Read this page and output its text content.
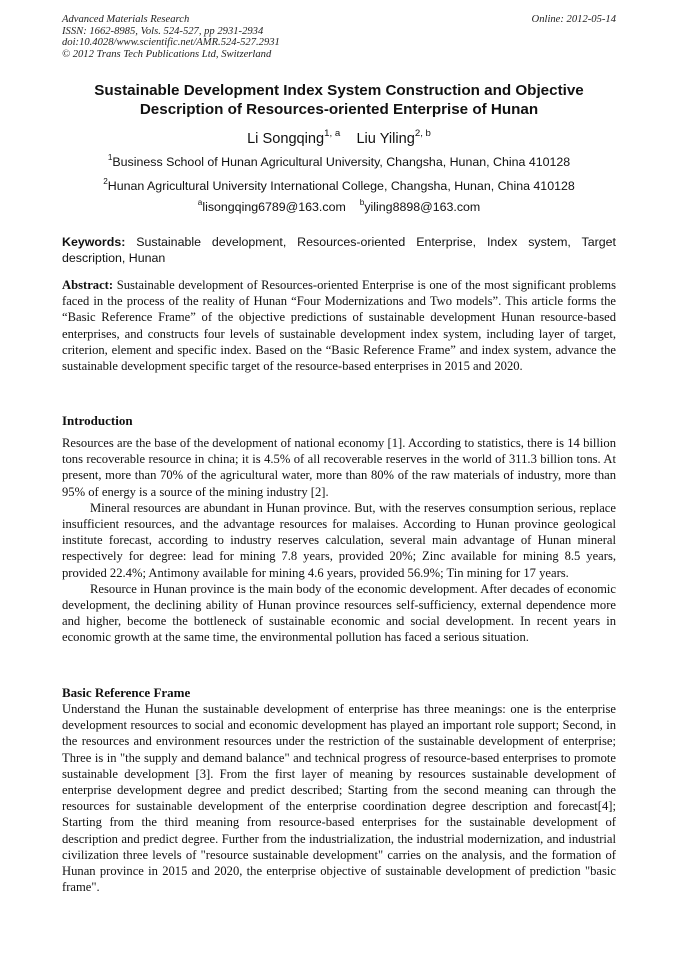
Advanced Materials Research
ISSN: 1662-8985, Vols. 524-527, pp 2931-2934
doi:10.4028/www.scientific.net/AMR.524-527.2931
© 2012 Trans Tech Publications Ltd, Switzerland
Online: 2012-05-14
Sustainable Development Index System Construction and Objective
Description of Resources-oriented Enterprise of Hunan
Li Songqing$^{1, a}$ Liu Yiling$^{2, b}$
$^1$Business School of Hunan Agricultural University, Changsha, Hunan, China 410128
$^2$Hunan Agricultural University International College, Changsha, Hunan, China 410128
$^a$lisongqing6789@163.com $^b$yiling8898@163.com
Keywords: Sustainable development, Resources-oriented Enterprise, Index system, Target description, Hunan
Abstract: Sustainable development of Resources-oriented Enterprise is one of the most significant problems faced in the process of the reality of Hunan “Four Modernizations and Two models”. This article forms the “Basic Reference Frame” of the objective predictions of sustainable development Hunan resource-based enterprises, and constructs four levels of sustainable development index system, including layer of target, criterion, element and specific index. Based on the “Basic Reference Frame” and index system, advance the sustainable development specific target of the resource-based enterprises in 2015 and 2020.
Introduction

Resources are the base of the development of national economy [1]. According to statistics, there is 14 billion tons recoverable resource in china; it is 4.5% of all recoverable reserves in the world of 311.3 billion tons. At present, more than 70% of the agricultural water, more than 80% of the raw materials of industry, more than 95% of energy is a source of the mining industry [2].

Mineral resources are abundant in Hunan province. But, with the reserves consumption serious, replace insufficient resources, and the advantage resources for malaises. According to Hunan province geological institute forecast, according to industry reserves calculation, several main advantage of Hunan mineral respectively for degree: lead for mining 7.8 years, provided 20%; Zinc available for mining 8.5 years, provided 22.4%; Antimony available for mining 4.6 years, provided 56.9%; Tin mining for 17 years.

Resource in Hunan province is the main body of the economic development. After decades of economic development, the declining ability of Hunan province resources self-sufficiency, external dependence more and higher, become the bottleneck of sustainable economic and social development. In recent years in economic growth at the same time, the environmental pollution has faced a serious situation.

Basic Reference Frame

Understand the Hunan the sustainable development of enterprise has three meanings: one is the enterprise development resources to social and economic development has played an important role support; Second, in the resources and environment resources under the restriction of the sustainable development of enterprise; Three is in "the supply and demand balance" and technical progress of resource-based enterprises to promote sustainable development [3]. From the first layer of meaning by resources sustainable development of enterprise development degree and predict described; Starting from the second meaning can through the resources for sustainable development of the enterprise coordination degree description and forecast[4]; Starting from the third meaning from resource-based enterprises for the sustainable development of description and predict degree. Further from the industrialization, the industrial modernization, and industrial civilization three levels of "resource sustainable development" carries on the analysis, and the formation of Hunan province in 2015 and 2020, the enterprise objective of sustainable development of prediction "basic frame".
